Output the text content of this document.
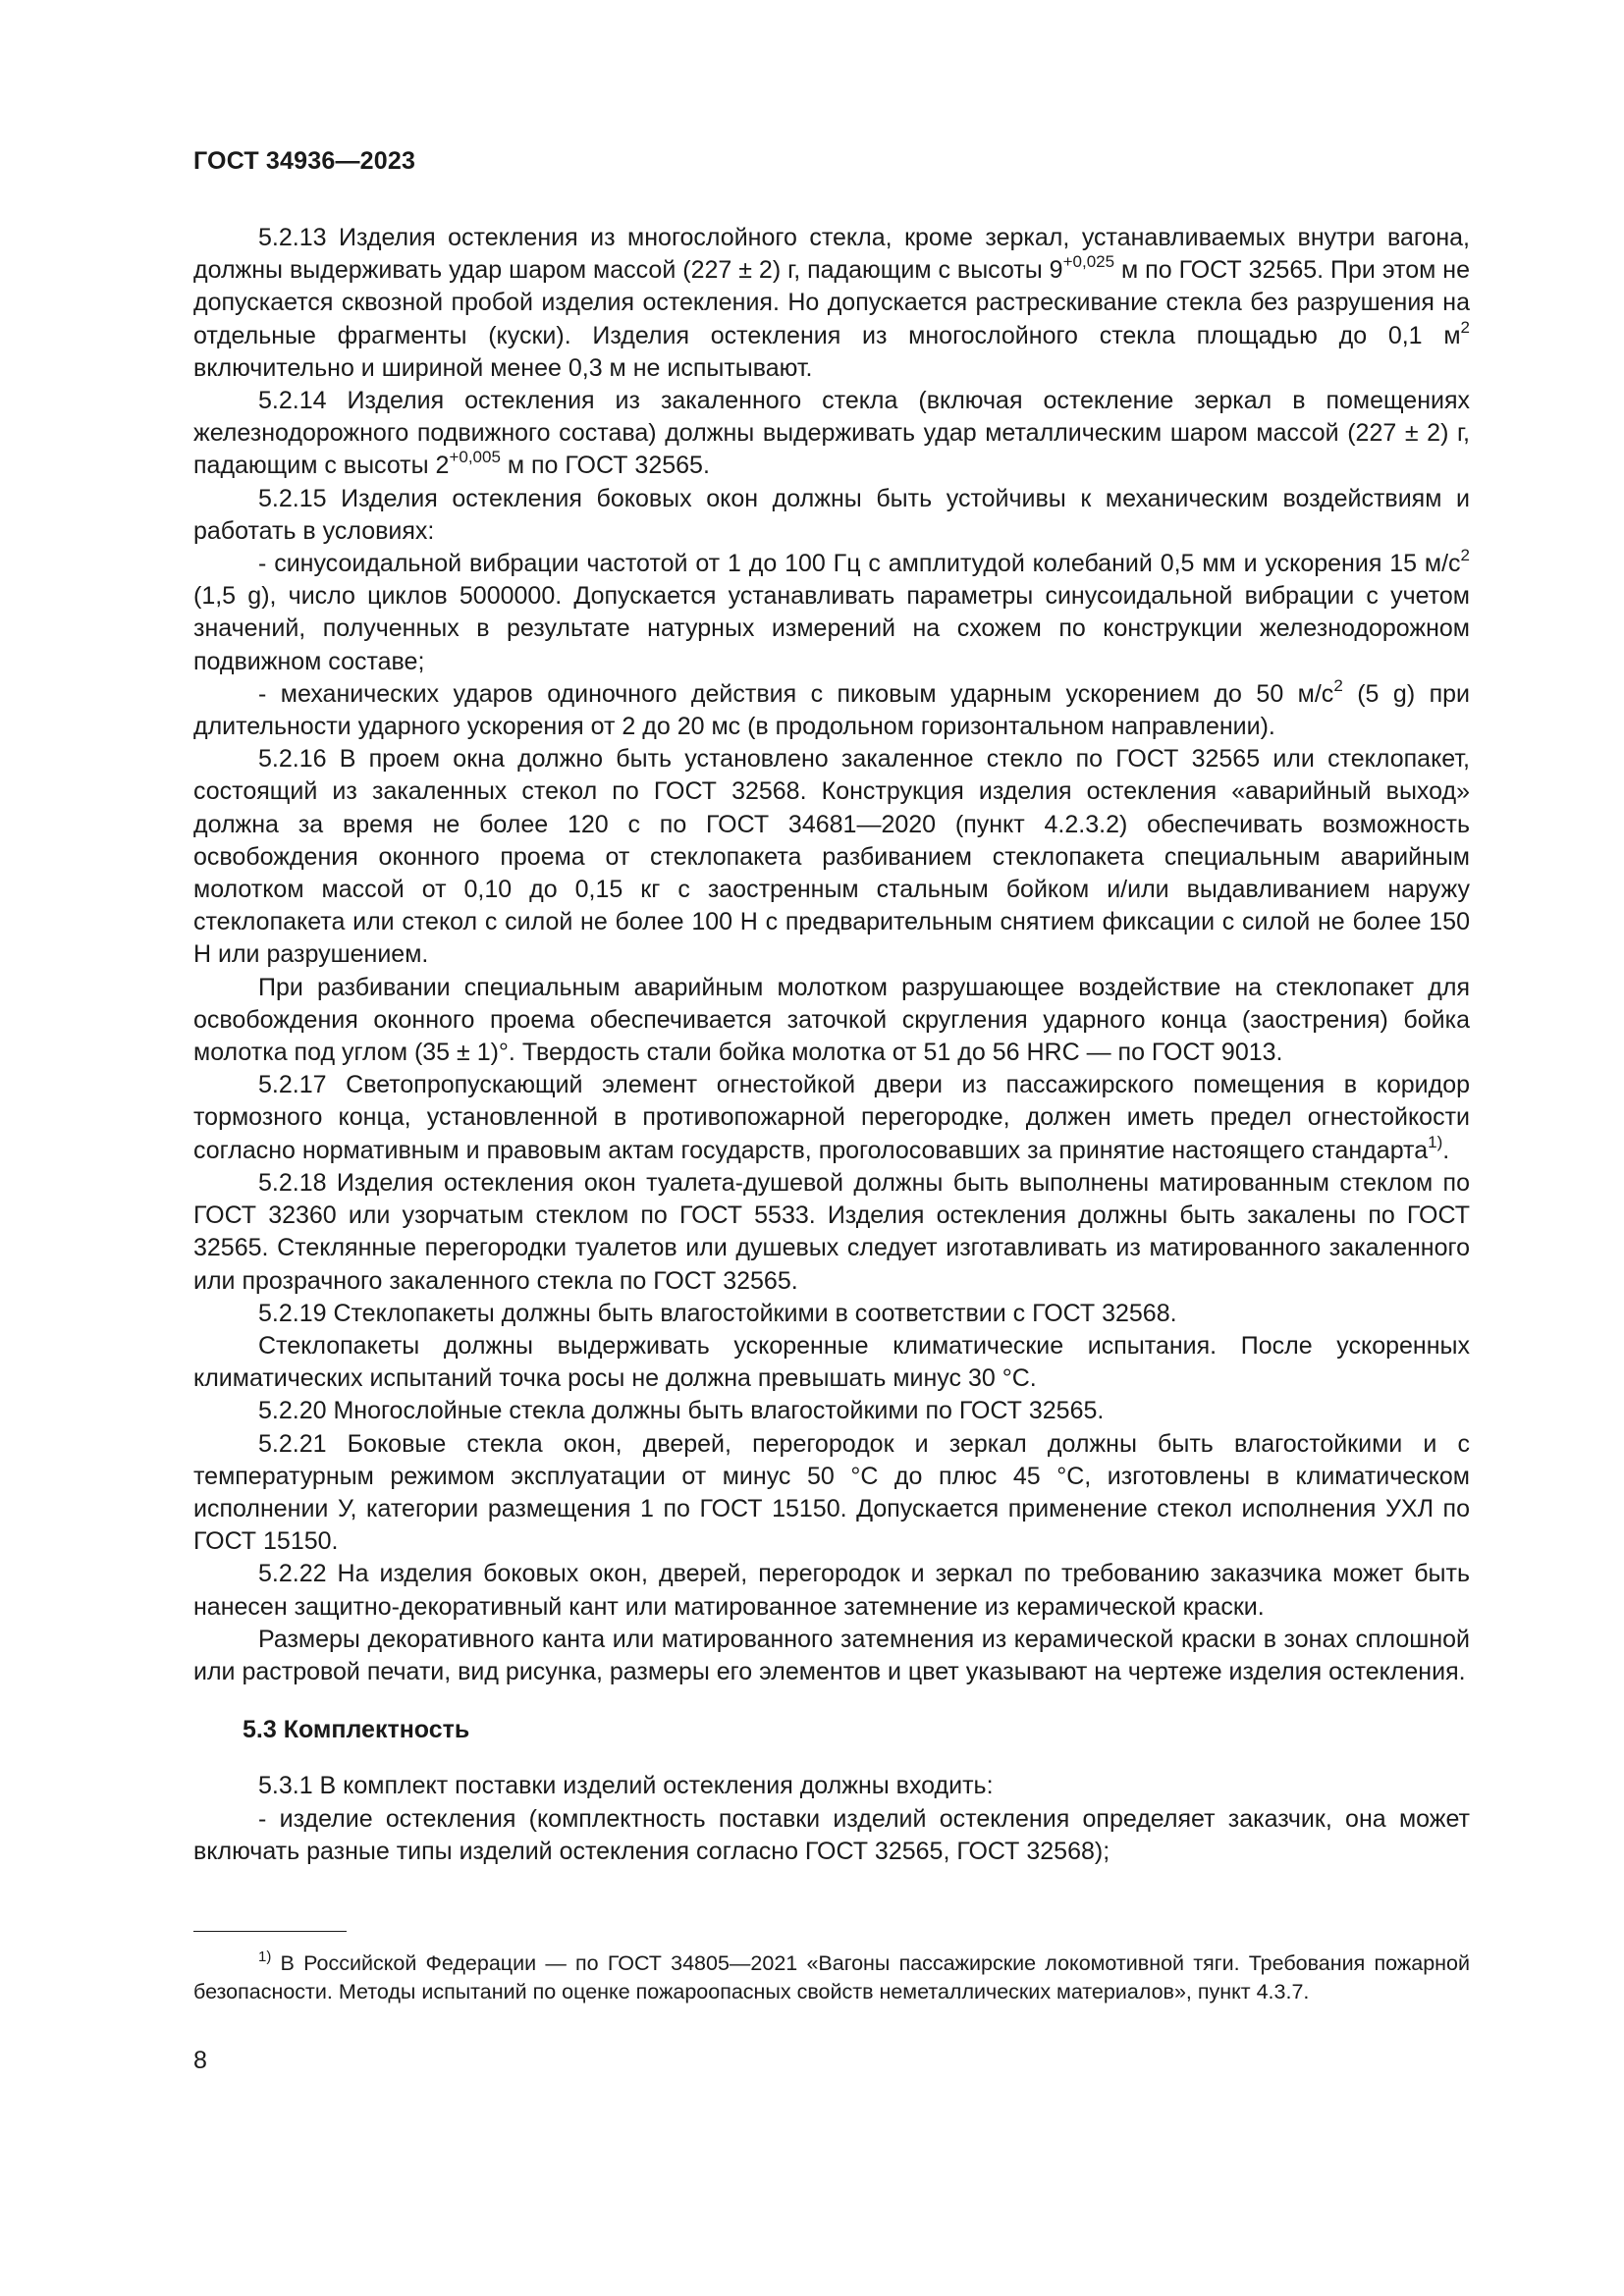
ГОСТ 34936—2023

5.2.13 Изделия остекления из многослойного стекла, кроме зеркал, устанавливаемых внутри вагона, должны выдерживать удар шаром массой (227 ± 2) г, падающим с высоты $9^{+0,025}$ м по ГОСТ 32565. При этом не допускается сквозной пробой изделия остекления. Но допускается растрескивание стекла без разрушения на отдельные фрагменты (куски). Изделия остекления из многослойного стекла площадью до 0,1 $м^2$ включительно и шириной менее 0,3 м не испытывают.

5.2.14 Изделия остекления из закаленного стекла (включая остекление зеркал в помещениях железнодорожного подвижного состава) должны выдерживать удар металлическим шаром массой (227 ± 2) г, падающим с высоты $2^{+0,005}$ м по ГОСТ 32565.

5.2.15 Изделия остекления боковых окон должны быть устойчивы к механическим воздействиям и работать в условиях:

- синусоидальной вибрации частотой от 1 до 100 Гц с амплитудой колебаний 0,5 мм и ускорения 15 $м/с^2$ (1,5 g), число циклов 5000000. Допускается устанавливать параметры синусоидальной вибрации с учетом значений, полученных в результате натурных измерений на схожем по конструкции железнодорожном подвижном составе;

- механических ударов одиночного действия с пиковым ударным ускорением до 50 $м/с^2$ (5 g) при длительности ударного ускорения от 2 до 20 мс (в продольном горизонтальном направлении).

5.2.16 В проем окна должно быть установлено закаленное стекло по ГОСТ 32565 или стеклопакет, состоящий из закаленных стекол по ГОСТ 32568. Конструкция изделия остекления «аварийный выход» должна за время не более 120 с по ГОСТ 34681—2020 (пункт 4.2.3.2) обеспечивать возможность освобождения оконного проема от стеклопакета разбиванием стеклопакета специальным аварийным молотком массой от 0,10 до 0,15 кг с заостренным стальным бойком и/или выдавливанием наружу стеклопакета или стекол с силой не более 100 Н с предварительным снятием фиксации с силой не более 150 Н или разрушением.

При разбивании специальным аварийным молотком разрушающее воздействие на стеклопакет для освобождения оконного проема обеспечивается заточкой скругления ударного конца (заострения) бойка молотка под углом (35 ± 1)°. Твердость стали бойка молотка от 51 до 56 HRC — по ГОСТ 9013.

5.2.17 Светопропускающий элемент огнестойкой двери из пассажирского помещения в коридор тормозного конца, установленной в противопожарной перегородке, должен иметь предел огнестойкости согласно нормативным и правовым актам государств, проголосовавших за принятие настоящего стандарта$^{1)}$.

5.2.18 Изделия остекления окон туалета-душевой должны быть выполнены матированным стеклом по ГОСТ 32360 или узорчатым стеклом по ГОСТ 5533. Изделия остекления должны быть закалены по ГОСТ 32565. Стеклянные перегородки туалетов или душевых следует изготавливать из матированного закаленного или прозрачного закаленного стекла по ГОСТ 32565.

5.2.19 Стеклопакеты должны быть влагостойкими в соответствии с ГОСТ 32568.

Стеклопакеты должны выдерживать ускоренные климатические испытания. После ускоренных климатических испытаний точка росы не должна превышать минус 30 °С.

5.2.20 Многослойные стекла должны быть влагостойкими по ГОСТ 32565.

5.2.21 Боковые стекла окон, дверей, перегородок и зеркал должны быть влагостойкими и с температурным режимом эксплуатации от минус 50 °С до плюс 45 °С, изготовлены в климатическом исполнении У, категории размещения 1 по ГОСТ 15150. Допускается применение стекол исполнения УХЛ по ГОСТ 15150.

5.2.22 На изделия боковых окон, дверей, перегородок и зеркал по требованию заказчика может быть нанесен защитно-декоративный кант или матированное затемнение из керамической краски.

Размеры декоративного канта или матированного затемнения из керамической краски в зонах сплошной или растровой печати, вид рисунка, размеры его элементов и цвет указывают на чертеже изделия остекления.

5.3 Комплектность

5.3.1 В комплект поставки изделий остекления должны входить:

- изделие остекления (комплектность поставки изделий остекления определяет заказчик, она может включать разные типы изделий остекления согласно ГОСТ 32565, ГОСТ 32568);

$^{1)}$ В Российской Федерации — по ГОСТ 34805—2021 «Вагоны пассажирские локомотивной тяги. Требования пожарной безопасности. Методы испытаний по оценке пожароопасных свойств неметаллических материалов», пункт 4.3.7.

8
